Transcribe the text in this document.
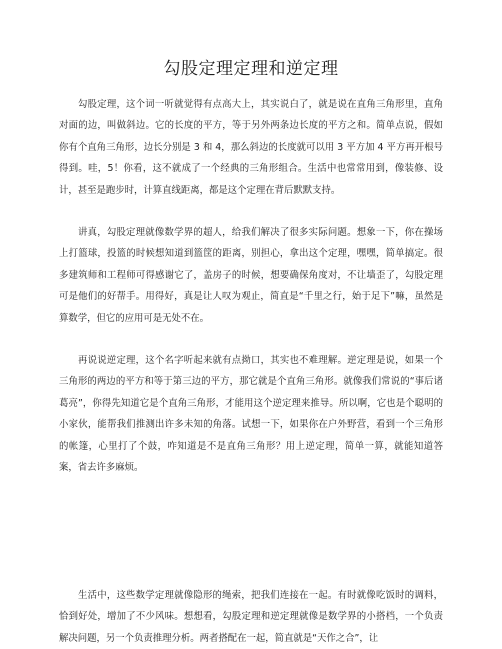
勾股定理定理和逆定理

勾股定理，这个词一听就觉得有点高大上，其实说白了，就是说在直角三角形里，直角对面的边，叫做斜边。它的长度的平方，等于另外两条边长度的平方之和。简单点说，假如你有个直角三角形，边长分别是 3 和 4，那么斜边的长度就可以用 3 平方加 4 平方再开根号得到。哇，5！你看，这不就成了一个经典的三角形组合。生活中也常常用到，像装修、设计，甚至是跑步时，计算直线距离，都是这个定理在背后默默支持。

讲真，勾股定理就像数学界的超人，给我们解决了很多实际问题。想象一下，你在操场上打篮球，投篮的时候想知道到篮筐的距离，别担心，拿出这个定理，嘿嘿，简单搞定。很多建筑师和工程师可得感谢它了，盖房子的时候，想要确保角度对，不让墙歪了，勾股定理可是他们的好帮手。用得好，真是让人叹为观止，简直是“千里之行，始于足下”嘛，虽然是算数学，但它的应用可是无处不在。

再说说逆定理，这个名字听起来就有点拗口，其实也不难理解。逆定理是说，如果一个三角形的两边的平方和等于第三边的平方，那它就是个直角三角形。就像我们常说的“事后诸葛亮”，你得先知道它是个直角三角形，才能用这个逆定理来推导。所以啊，它也是个聪明的小家伙，能帮我们推测出许多未知的角落。试想一下，如果你在户外野营，看到一个三角形的帐篷，心里打了个鼓，咋知道是不是直角三角形？用上逆定理，简单一算，就能知道答案，省去许多麻烦。

生活中，这些数学定理就像隐形的绳索，把我们连接在一起。有时就像吃饭时的调料，恰到好处，增加了不少风味。想想看，勾股定理和逆定理就像是数学界的小搭档，一个负责解决问题，另一个负责推理分析。两者搭配在一起，简直就是“天作之合”，让
